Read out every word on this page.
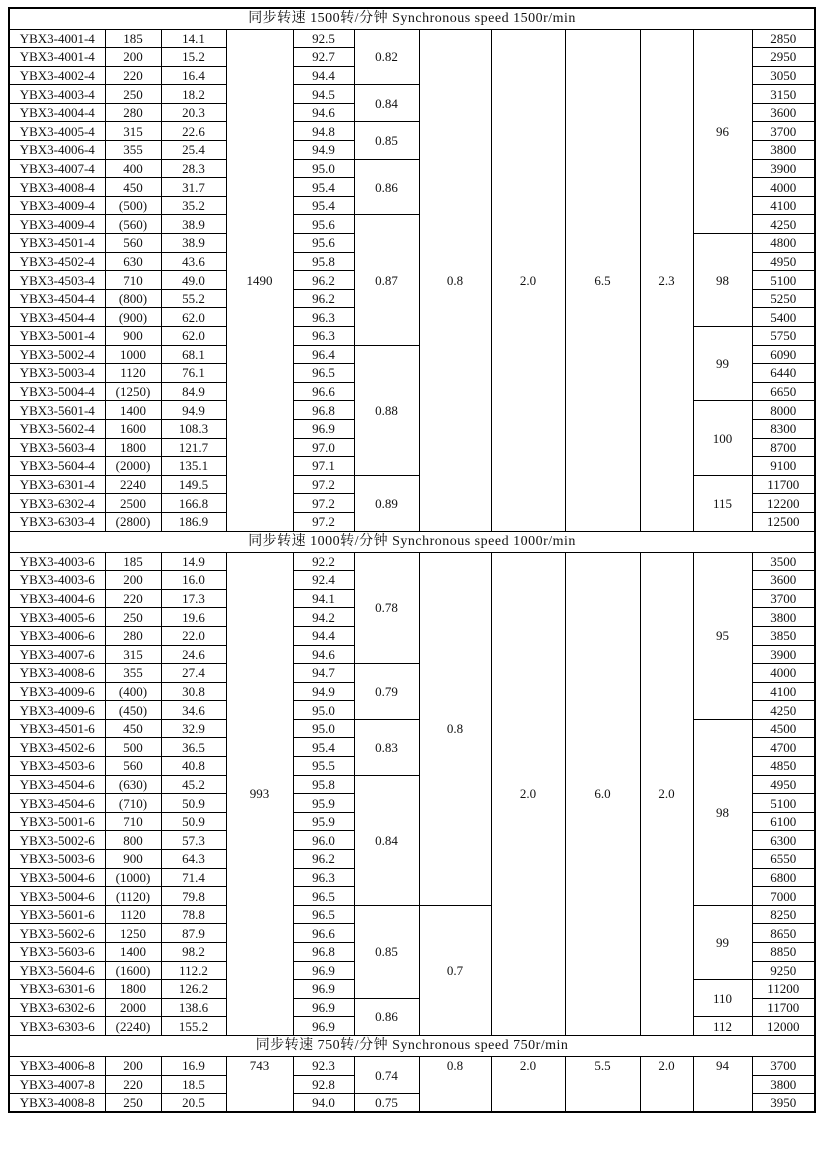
同步转速 1500转/分钟 Synchronous speed 1500r/min											
YBX3-4001-4	185	14.1	1490	92.5	0.82	0.8	2.0	6.5	2.3	96	2850
YBX3-4001-4	200	15.2		92.7							2950
YBX3-4002-4	220	16.4		94.4							3050
YBX3-4003-4	250	18.2		94.5	0.84						3150
YBX3-4004-4	280	20.3		94.6							3600
YBX3-4005-4	315	22.6		94.8	0.85						3700
YBX3-4006-4	355	25.4		94.9							3800
YBX3-4007-4	400	28.3		95.0	0.86						3900
YBX3-4008-4	450	31.7		95.4							4000
YBX3-4009-4	(500)	35.2		95.4							4100
YBX3-4009-4	(560)	38.9		95.6	0.87						4250
YBX3-4501-4	560	38.9		95.6						98	4800
YBX3-4502-4	630	43.6		95.8							4950
YBX3-4503-4	710	49.0		96.2							5100
YBX3-4504-4	(800)	55.2		96.2							5250
YBX3-4504-4	(900)	62.0		96.3							5400
YBX3-5001-4	900	62.0		96.3						99	5750
YBX3-5002-4	1000	68.1		96.4	0.88						6090
YBX3-5003-4	1120	76.1		96.5							6440
YBX3-5004-4	(1250)	84.9		96.6							6650
YBX3-5601-4	1400	94.9		96.8						100	8000
YBX3-5602-4	1600	108.3		96.9							8300
YBX3-5603-4	1800	121.7		97.0							8700
YBX3-5604-4	(2000)	135.1		97.1							9100
YBX3-6301-4	2240	149.5		97.2	0.89					115	11700
YBX3-6302-4	2500	166.8		97.2							12200
YBX3-6303-4	(2800)	186.9		97.2							12500
同步转速 1000转/分钟 Synchronous speed 1000r/min											
YBX3-4003-6	185	14.9	993	92.2	0.78	0.8	2.0	6.0	2.0	95	3500
YBX3-4003-6	200	16.0		92.4							3600
YBX3-4004-6	220	17.3		94.1							3700
YBX3-4005-6	250	19.6		94.2							3800
YBX3-4006-6	280	22.0		94.4							3850
YBX3-4007-6	315	24.6		94.6							3900
YBX3-4008-6	355	27.4		94.7	0.79						4000
YBX3-4009-6	(400)	30.8		94.9							4100
YBX3-4009-6	(450)	34.6		95.0							4250
YBX3-4501-6	450	32.9		95.0	0.83					98	4500
YBX3-4502-6	500	36.5		95.4							4700
YBX3-4503-6	560	40.8		95.5							4850
YBX3-4504-6	(630)	45.2		95.8	0.84						4950
YBX3-4504-6	(710)	50.9		95.9							5100
YBX3-5001-6	710	50.9		95.9							6100
YBX3-5002-6	800	57.3		96.0							6300
YBX3-5003-6	900	64.3		96.2							6550
YBX3-5004-6	(1000)	71.4		96.3							6800
YBX3-5004-6	(1120)	79.8		96.5							7000
YBX3-5601-6	1120	78.8		96.5	0.85	0.7				99	8250
YBX3-5602-6	1250	87.9		96.6							8650
YBX3-5603-6	1400	98.2		96.8							8850
YBX3-5604-6	(1600)	112.2		96.9							9250
YBX3-6301-6	1800	126.2		96.9						110	11200
YBX3-6302-6	2000	138.6		96.9	0.86						11700
YBX3-6303-6	(2240)	155.2		96.9						112	12000
同步转速 750转/分钟 Synchronous speed 750r/min											
YBX3-4006-8	200	16.9	743	92.3	0.74	0.8	2.0	5.5	2.0	94	3700
YBX3-4007-8	220	18.5		92.8							3800
YBX3-4008-8	250	20.5		94.0	0.75						3950
